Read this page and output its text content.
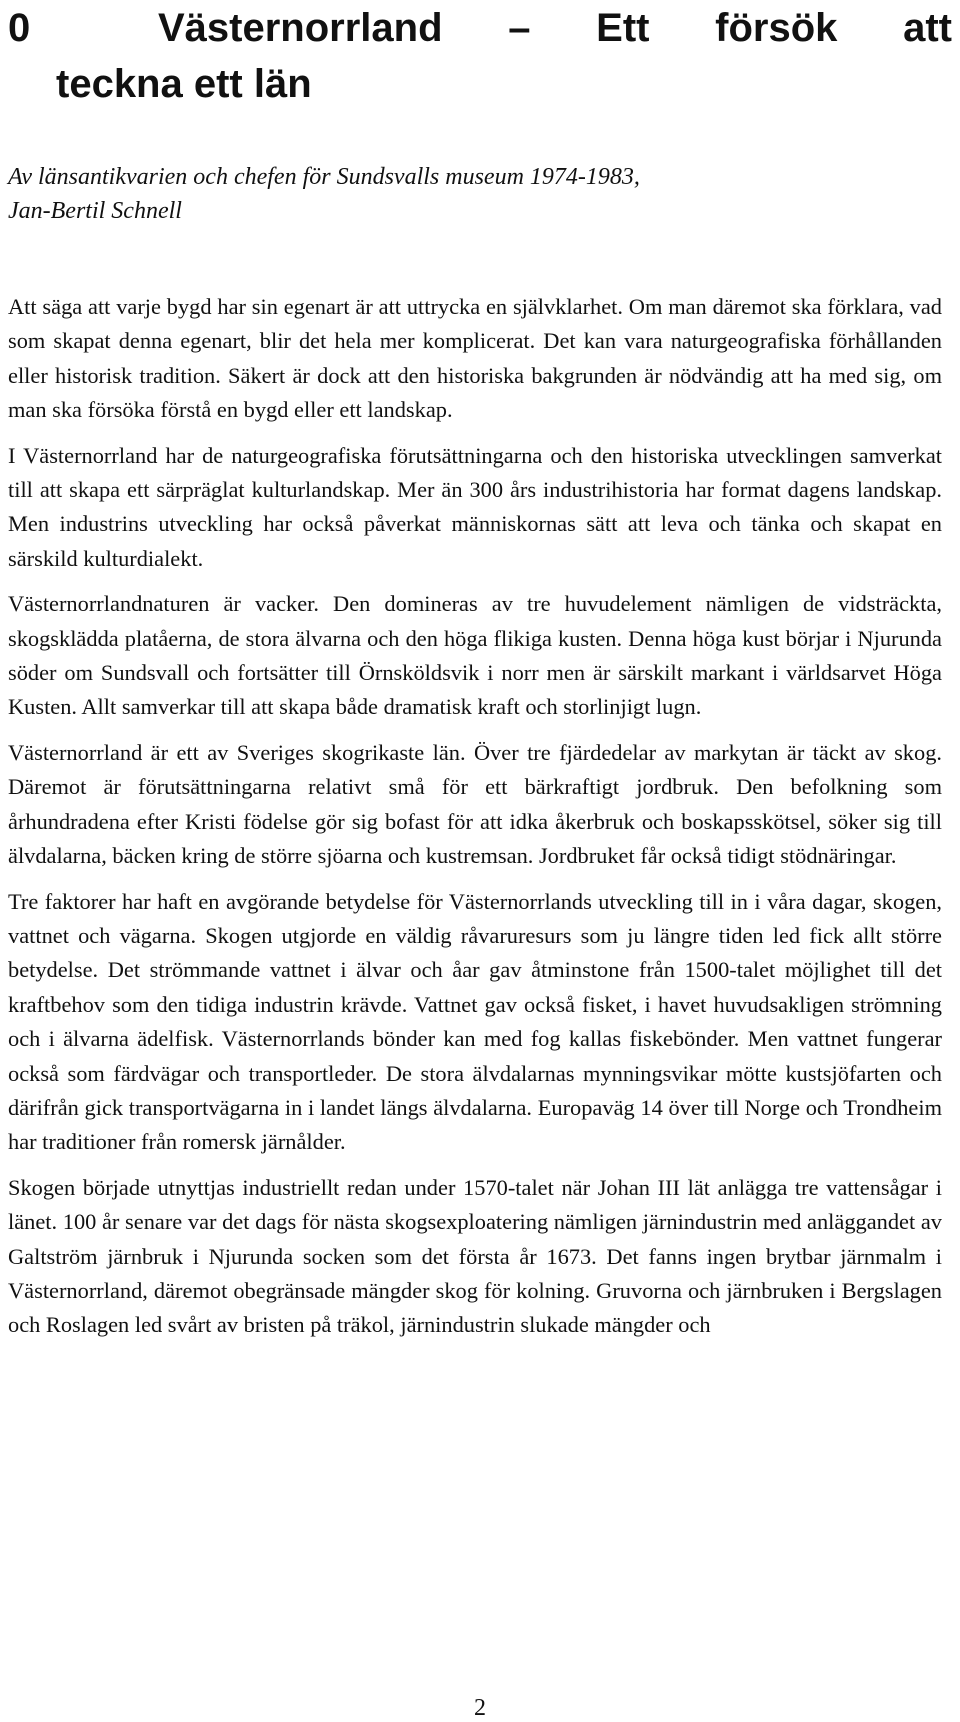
0	Västernorrland – Ett försök att
teckna ett län
Av länsantikvarien och chefen för Sundsvalls museum 1974-1983,
Jan-Bertil Schnell

Att säga att varje bygd har sin egenart är att uttrycka en självklarhet. Om man däremot ska förklara, vad som skapat denna egenart, blir det hela mer komplicerat. Det kan vara naturgeografiska förhållanden eller historisk tradition. Säkert är dock att den historiska bakgrunden är nödvändig att ha med sig, om man ska försöka förstå en bygd eller ett landskap.

I Västernorrland har de naturgeografiska förutsättningarna och den historiska utvecklingen samverkat till att skapa ett särpräglat kulturlandskap. Mer än 300 års industrihistoria har format dagens landskap. Men industrins utveckling har också påverkat människornas sätt att leva och tänka och skapat en särskild kulturdialekt.

Västernorrlandnaturen är vacker. Den domineras av tre huvudelement nämligen de vidsträckta, skogsklädda platåerna, de stora älvarna och den höga flikiga kusten. Denna höga kust börjar i Njurunda söder om Sundsvall och fortsätter till Örnsköldsvik i norr men är särskilt markant i världsarvet Höga Kusten. Allt samverkar till att skapa både dramatisk kraft och storlinjigt lugn.

Västernorrland är ett av Sveriges skogrikaste län. Över tre fjärdedelar av markytan är täckt av skog. Däremot är förutsättningarna relativt små för ett bärkraftigt jordbruk. Den befolkning som århundradena efter Kristi födelse gör sig bofast för att idka åkerbruk och boskapsskötsel, söker sig till älvdalarna, bäcken kring de större sjöarna och kustremsan. Jordbruket får också tidigt stödnäringar.

Tre faktorer har haft en avgörande betydelse för Västernorrlands utveckling till in i våra dagar, skogen, vattnet och vägarna. Skogen utgjorde en väldig råvaruresurs som ju längre tiden led fick allt större betydelse. Det strömmande vattnet i älvar och åar gav åtminstone från 1500-talet möjlighet till det kraftbehov som den tidiga industrin krävde. Vattnet gav också fisket, i havet huvudsakligen strömning och i älvarna ädelfisk. Västernorrlands bönder kan med fog kallas fiskebönder. Men vattnet fungerar också som färdvägar och transportleder. De stora älvdalarnas mynningsvikar mötte kustsjöfarten och därifrån gick transportvägarna in i landet längs älvdalarna. Europaväg 14 över till Norge och Trondheim har traditioner från romersk järnålder.

Skogen började utnyttjas industriellt redan under 1570-talet när Johan III lät anlägga tre vattensågar i länet. 100 år senare var det dags för nästa skogsexploatering nämligen järnindustrin med anläggandet av Galtström järnbruk i Njurunda socken som det första år 1673. Det fanns ingen brytbar järnmalm i Västernorrland, däremot obegränsade mängder skog för kolning. Gruvorna och järnbruken i Bergslagen och Roslagen led svårt av bristen på träkol, järnindustrin slukade mängder och

2
